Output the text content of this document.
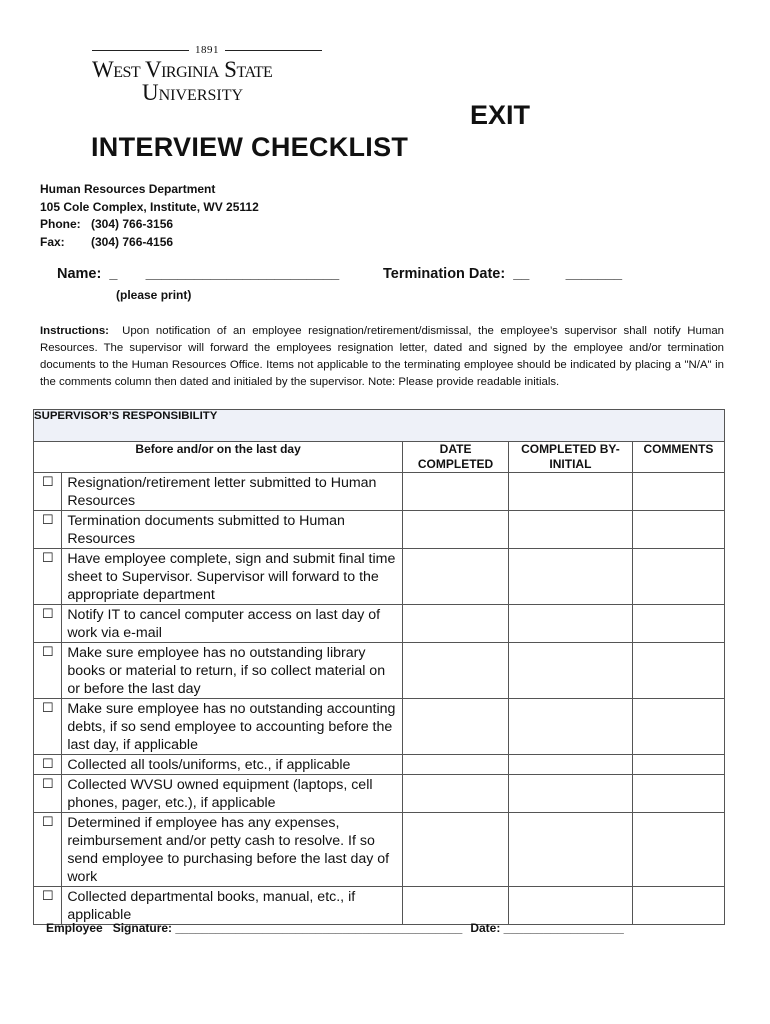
1891
West Virginia State
University
EXIT
INTERVIEW CHECKLIST
Human Resources Department
105 Cole Complex, Institute, WV 25112
Phone: (304) 766-3156
Fax:	(304) 766-4156
Name:  _       ________________________	Termination Date:  __         _______
(please print)
Instructions: Upon notification of an employee resignation/retirement/dismissal, the employee’s supervisor shall notify Human Resources. The supervisor will forward the employees resignation letter, dated and signed by the employee and/or termination documents to the Human Resources Office. Items not applicable to the terminating employee should be indicated by placing a "N/A" in the comments column then dated and initialed by the supervisor. Note: Please provide readable initials.
SUPERVISOR’S RESPONSIBILITY				
Before and/or on the last day		DATE COMPLETED	COMPLETED BY- INITIAL	COMMENTS
☐	Resignation/retirement letter submitted to Human Resources			
☐	Termination documents submitted to Human Resources			
☐	Have employee complete, sign and submit final time sheet to Supervisor. Supervisor will forward to the appropriate department			
☐	Notify IT to cancel computer access on last day of work via e-mail			
☐	Make sure employee has no outstanding library books or material to return, if so collect material on or before the last day			
☐	Make sure employee has no outstanding accounting debts, if so send employee to accounting before the last day, if applicable			
☐	Collected all tools/uniforms, etc., if applicable			
☐	Collected WVSU owned equipment (laptops, cell phones, pager, etc.), if applicable			
☐	Determined if employee has any expenses, reimbursement and/or petty cash to resolve. If so send employee to purchasing before the last day of work			
☐	Collected departmental books, manual, etc., if applicable			
Employee   Signature: ___________________________________________ Date: __________________
